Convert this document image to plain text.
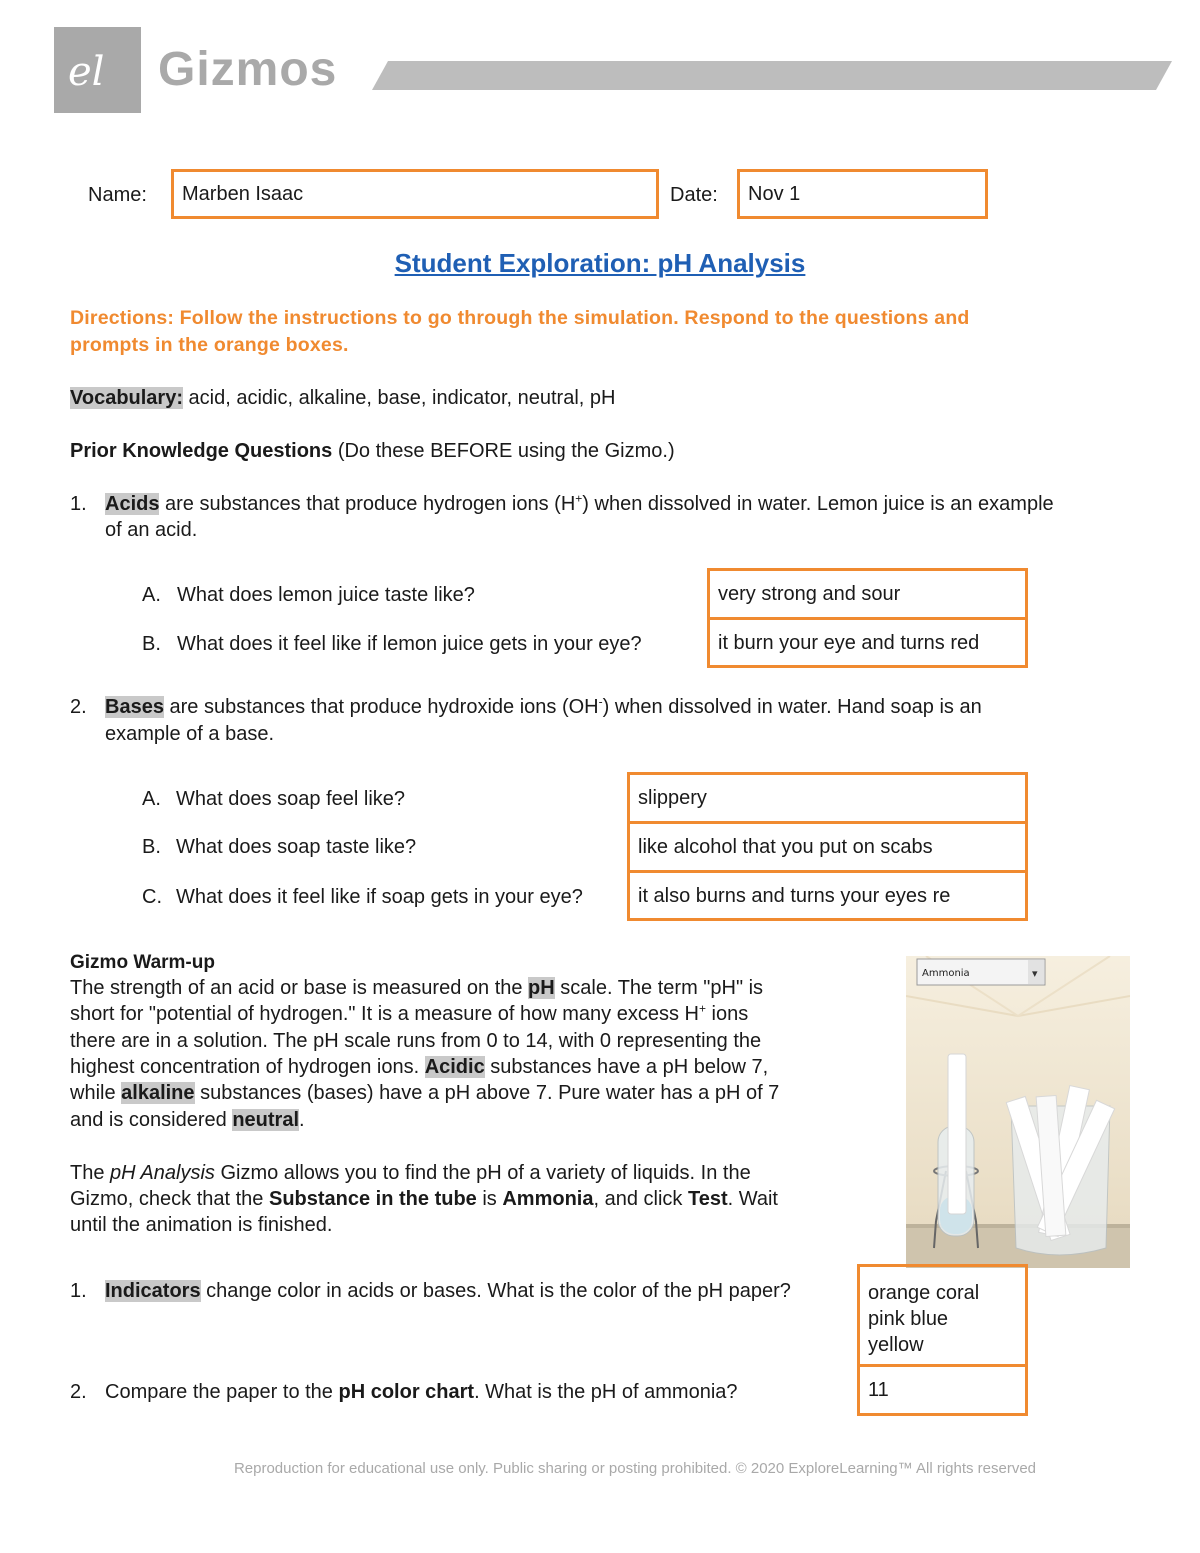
el Gizmos
Name: Marben Isaac	Date: Nov 1
Student Exploration: pH Analysis
Directions: Follow the instructions to go through the simulation. Respond to the questions and
prompts in the orange boxes.
Vocabulary: acid, acidic, alkaline, base, indicator, neutral, pH
Prior Knowledge Questions (Do these BEFORE using the Gizmo.)
1. Acids are substances that produce hydrogen ions (H+) when dissolved in water. Lemon juice is an example
of an acid.
A. What does lemon juice taste like?	very strong and sour
B. What does it feel like if lemon juice gets in your eye?	it burn your eye and turns red
2. Bases are substances that produce hydroxide ions (OH-) when dissolved in water. Hand soap is an
example of a base.
A. What does soap feel like?	slippery
B. What does soap taste like?	like alcohol that you put on scabs
C. What does it feel like if soap gets in your eye?	it also burns and turns your eyes re
Gizmo Warm-up
The strength of an acid or base is measured on the pH scale. The term "pH" is
short for "potential of hydrogen." It is a measure of how many excess H+ ions
there are in a solution. The pH scale runs from 0 to 14, with 0 representing the
highest concentration of hydrogen ions. Acidic substances have a pH below 7,
while alkaline substances (bases) have a pH above 7. Pure water has a pH of 7
and is considered neutral.
The pH Analysis Gizmo allows you to find the pH of a variety of liquids. In the
Gizmo, check that the Substance in the tube is Ammonia, and click Test. Wait
until the animation is finished.
Ammonia	▾
1. Indicators change color in acids or bases. What is the color of the pH paper?	orange coral
pink blue
yellow
2. Compare the paper to the pH color chart. What is the pH of ammonia?	11
Reproduction for educational use only. Public sharing or posting prohibited. © 2020 ExploreLearning™ All rights reserved
